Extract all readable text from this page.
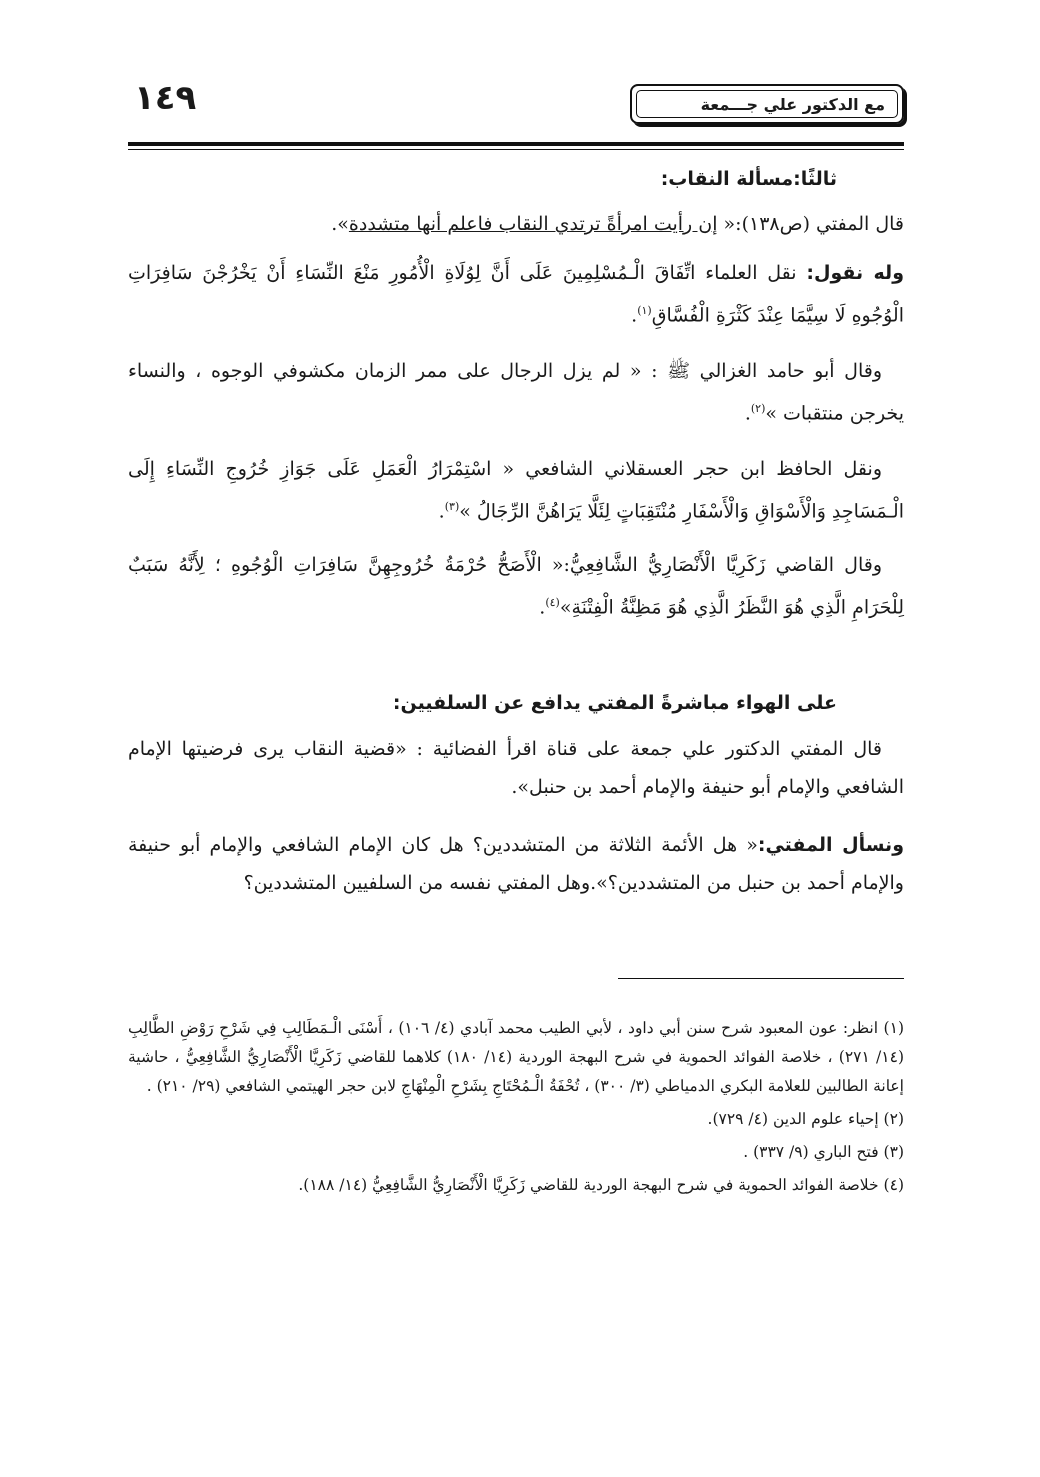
مع الدكتور علي جـــمعة
١٤٩
ثالثًا:مسألة النقاب:
قال المفتي (ص١٣٨):« إن رأيت امرأةً ترتدي النقاب فاعلم أنها متشددة».
وله نقول: نقل العلماء اتِّفَاقَ الْـمُسْلِمِينَ عَلَى أَنَّ لِوُلَاةِ الْأُمُورِ مَنْعَ النِّسَاءِ أَنْ يَخْرُجْنَ سَافِرَاتِ الْوُجُوهِ لَا سِيَّمَا عِنْدَ كَثْرَةِ الْفُسَّاقِ$^{(١)}$.
وقال أبو حامد الغزالي ﷺ : « لم يزل الرجال على ممر الزمان مكشوفي الوجوه ، والنساء يخرجن منتقبات »$^{(٢)}$.
ونقل الحافظ ابن حجر العسقلاني الشافعي « اسْتِمْرَارُ الْعَمَلِ عَلَى جَوَازِ خُرُوجِ النِّسَاءِ إِلَى الْـمَسَاجِدِ وَالْأَسْوَاقِ وَالْأَسْفَارِ مُنْتَقِبَاتٍ لِئَلَّا يَرَاهُنَّ الرِّجَالُ »$^{(٣)}$.
وقال القاضي زَكَرِيَّا الْأَنْصَارِيُّ الشَّافِعِيُّ:« الْأَصَحُّ حُرْمَةُ خُرُوجِهِنَّ سَافِرَاتِ الْوُجُوهِ ؛ لِأَنَّهُ سَبَبٌ لِلْحَرَامِ الَّذِي هُوَ النَّظَرُ الَّذِي هُوَ مَظِنَّةُ الْفِتْنَةِ»$^{(٤)}$.
على الهواء مباشرةً المفتي يدافع عن السلفيين:
قال المفتي الدكتور علي جمعة على قناة اقرأ الفضائية : «قضية النقاب يرى فرضيتها الإمام الشافعي والإمام أبو حنيفة والإمام أحمد بن حنبل».
ونسأل المفتي:« هل الأئمة الثلاثة من المتشددين؟ هل كان الإمام الشافعي والإمام أبو حنيفة والإمام أحمد بن حنبل من المتشددين؟».وهل المفتي نفسه من السلفيين المتشددين؟

(١) انظر: عون المعبود شرح سنن أبي داود ، لأبي الطيب محمد آبادي (٤/ ١٠٦) ، أَسْنَى الْـمَطَالِبِ فِي شَرْحِ رَوْضِ الطَّالِبِ (١٤/ ٢٧١) ، خلاصة الفوائد الحموية في شرح البهجة الوردية (١٤/ ١٨٠) كلاهما للقاضي زَكَرِيَّا الْأَنْصَارِيُّ الشَّافِعِيُّ ، حاشية إعانة الطالبين للعلامة البكري الدمياطي (٣/ ٣٠٠) ، تُحْفَةُ الْـمُحْتَاجِ بِشَرْحِ الْمِنْهَاجِ لابن حجر الهيتمي الشافعي (٢٩/ ٢١٠) .

(٢) إحياء علوم الدين (٤/ ٧٢٩).

(٣) فتح الباري (٩/ ٣٣٧) .

(٤) خلاصة الفوائد الحموية في شرح البهجة الوردية للقاضي زَكَرِيَّا الْأَنْصَارِيُّ الشَّافِعِيُّ (١٤/ ١٨٨).
